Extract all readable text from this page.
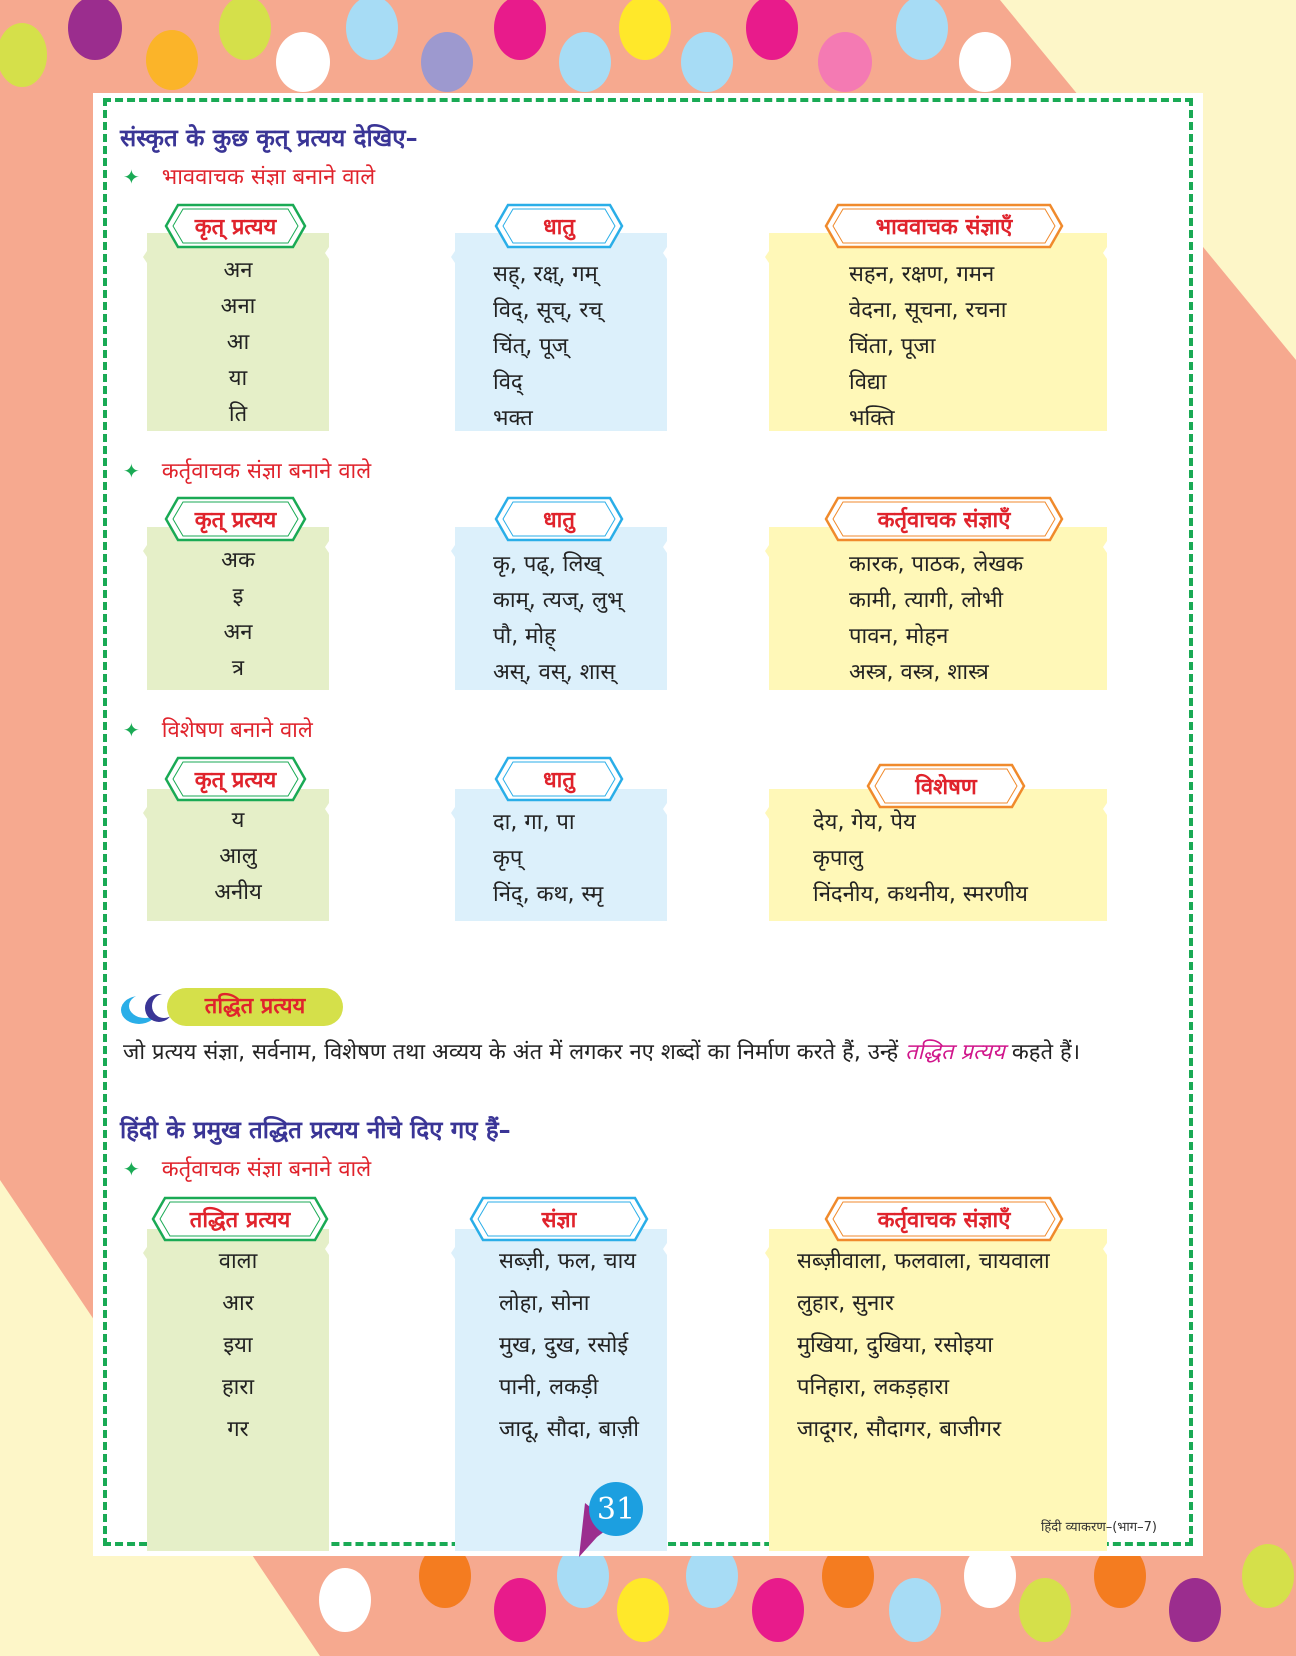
संस्कृत के कुछ कृत् प्रत्यय देखिए–
✦ भाववाचक संज्ञा बनाने वाले
अन
अना
आ
या
ति
कृत् प्रत्यय
सह्, रक्ष्, गम्
विद्, सूच्, रच्
चिंत्, पूज्
विद्
भक्त
धातु
सहन, रक्षण, गमन
वेदना, सूचना, रचना
चिंता, पूजा
विद्या
भक्ति
भाववाचक संज्ञाएँ
✦ कर्तृवाचक संज्ञा बनाने वाले
अक
इ
अन
त्र
कृत् प्रत्यय
कृ, पढ्, लिख्
काम्, त्यज्, लुभ्
पौ, मोह्
अस्, वस्, शास्
धातु
कारक, पाठक, लेखक
कामी, त्यागी, लोभी
पावन, मोहन
अस्त्र, वस्त्र, शास्त्र
कर्तृवाचक संज्ञाएँ
✦ विशेषण बनाने वाले
य
आलु
अनीय
कृत् प्रत्यय
दा, गा, पा
कृप्
निंद्, कथ, स्मृ
धातु
देय, गेय, पेय
कृपालु
निंदनीय, कथनीय, स्मरणीय
विशेषण
तद्धित प्रत्यय
जो प्रत्यय संज्ञा, सर्वनाम, विशेषण तथा अव्यय के अंत में लगकर नए शब्दों का निर्माण करते हैं, उन्हें तद्धित प्रत्यय कहते हैं।
हिंदी के प्रमुख तद्धित प्रत्यय नीचे दिए गए हैं–
✦ कर्तृवाचक संज्ञा बनाने वाले
वाला
आर
इया
हारा
गर
तद्धित प्रत्यय
सब्ज़ी, फल, चाय
लोहा, सोना
मुख, दुख, रसोई
पानी, लकड़ी
जादू, सौदा, बाज़ी
संज्ञा
सब्ज़ीवाला, फलवाला, चायवाला
लुहार, सुनार
मुखिया, दुखिया, रसोइया
पनिहारा, लकड़हारा
जादूगर, सौदागर, बाजीगर
कर्तृवाचक संज्ञाएँ
31
हिंदी व्याकरण–(भाग–7)
